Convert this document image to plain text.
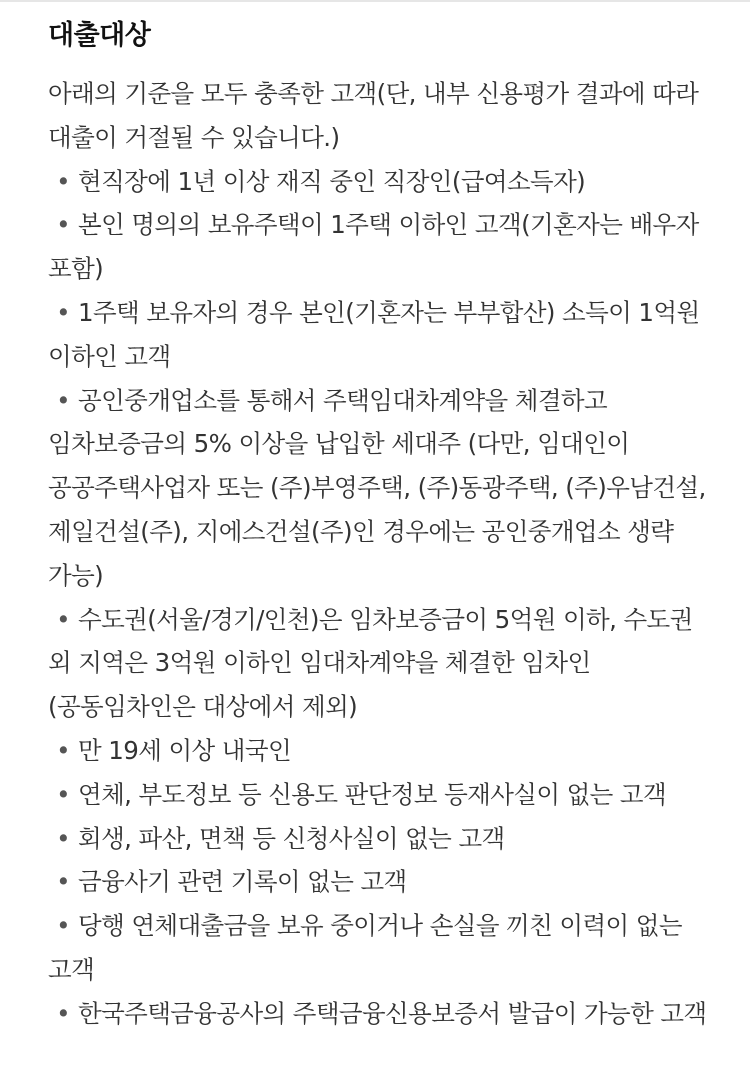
대출대상

아래의 기준을 모두 충족한 고객(단, 내부 신용평가 결과에 따라 대출이 거절될 수 있습니다.)

• 현직장에 1년 이상 재직 중인 직장인(급여소득자)

• 본인 명의의 보유주택이 1주택 이하인 고객(기혼자는 배우자 포함)

• 1주택 보유자의 경우 본인(기혼자는 부부합산) 소득이 1억원 이하인 고객

• 공인중개업소를 통해서 주택임대차계약을 체결하고 임차보증금의 5% 이상을 납입한 세대주 (다만, 임대인이 공공주택사업자 또는 (주)부영주택, (주)동광주택, (주)우남건설, 제일건설(주), 지에스건설(주)인 경우에는 공인중개업소 생략 가능)

• 수도권(서울/경기/인천)은 임차보증금이 5억원 이하, 수도권 외 지역은 3억원 이하인 임대차계약을 체결한 임차인 (공동임차인은 대상에서 제외)

• 만 19세 이상 내국인

• 연체, 부도정보 등 신용도 판단정보 등재사실이 없는 고객

• 회생, 파산, 면책 등 신청사실이 없는 고객

• 금융사기 관련 기록이 없는 고객

• 당행 연체대출금을 보유 중이거나 손실을 끼친 이력이 없는 고객

• 한국주택금융공사의 주택금융신용보증서 발급이 가능한 고객
